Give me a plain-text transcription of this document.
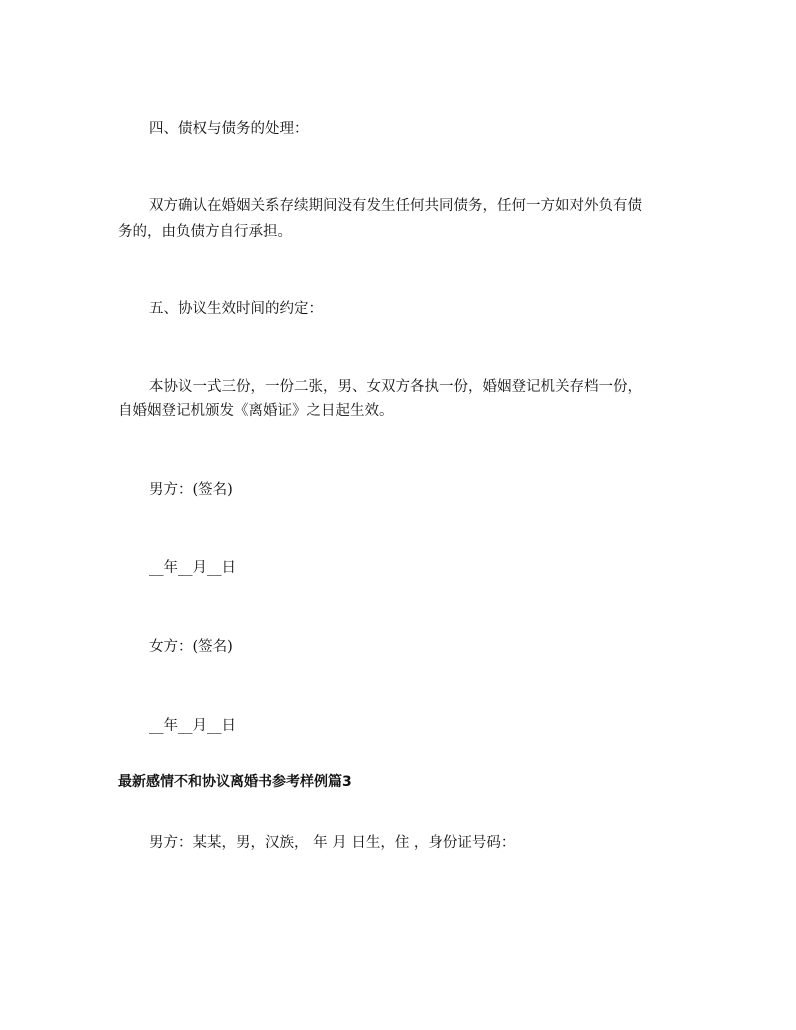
四、债权与债务的处理：
双方确认在婚姻关系存续期间没有发生任何共同债务，任何一方如对外负有债
务的，由负债方自行承担。
五、协议生效时间的约定：
本协议一式三份，一份二张，男、女双方各执一份，婚姻登记机关存档一份，
自婚姻登记机颁发《离婚证》之日起生效。
男方：(签名)
__年__月__日
女方：(签名)
__年__月__日
最新感情不和协议离婚书参考样例篇3
男方：某某，男，汉族， 年 月 日生，住 ，身份证号码：
